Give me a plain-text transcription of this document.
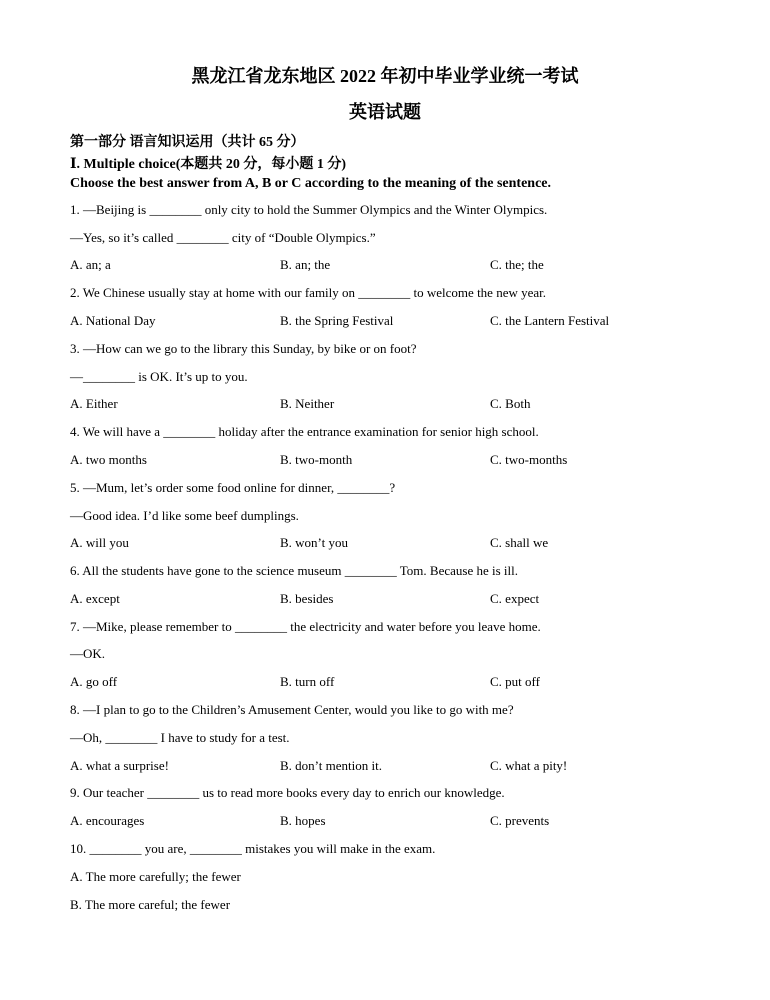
黑龙江省龙东地区 2022 年初中毕业学业统一考试
英语试题
第一部分 语言知识运用（共计 65 分）
Ⅰ. Multiple choice(本题共 20 分，每小题 1 分)
Choose the best answer from A, B or C according to the meaning of the sentence.
1. —Beijing is ________ only city to hold the Summer Olympics and the Winter Olympics.
—Yes, so it’s called ________ city of “Double Olympics.”
A. an; a	B. an; the	C. the; the
2. We Chinese usually stay at home with our family on ________ to welcome the new year.
A. National Day	B. the Spring Festival	C. the Lantern Festival
3. —How can we go to the library this Sunday, by bike or on foot?
—________ is OK. It’s up to you.
A. Either	B. Neither	C. Both
4. We will have a ________ holiday after the entrance examination for senior high school.
A. two months	B. two-month	C. two-months
5. —Mum, let’s order some food online for dinner, ________?
—Good idea. I’d like some beef dumplings.
A. will you	B. won’t you	C. shall we
6. All the students have gone to the science museum ________ Tom. Because he is ill.
A. except	B. besides	C. expect
7. —Mike, please remember to ________ the electricity and water before you leave home.
—OK.
A. go off	B. turn off	C. put off
8. —I plan to go to the Children’s Amusement Center, would you like to go with me?
—Oh, ________ I have to study for a test.
A. what a surprise!	B. don’t mention it.	C. what a pity!
9. Our teacher ________ us to read more books every day to enrich our knowledge.
A. encourages	B. hopes	C. prevents
10. ________ you are, ________ mistakes you will make in the exam.
A. The more carefully; the fewer
B. The more careful; the fewer
